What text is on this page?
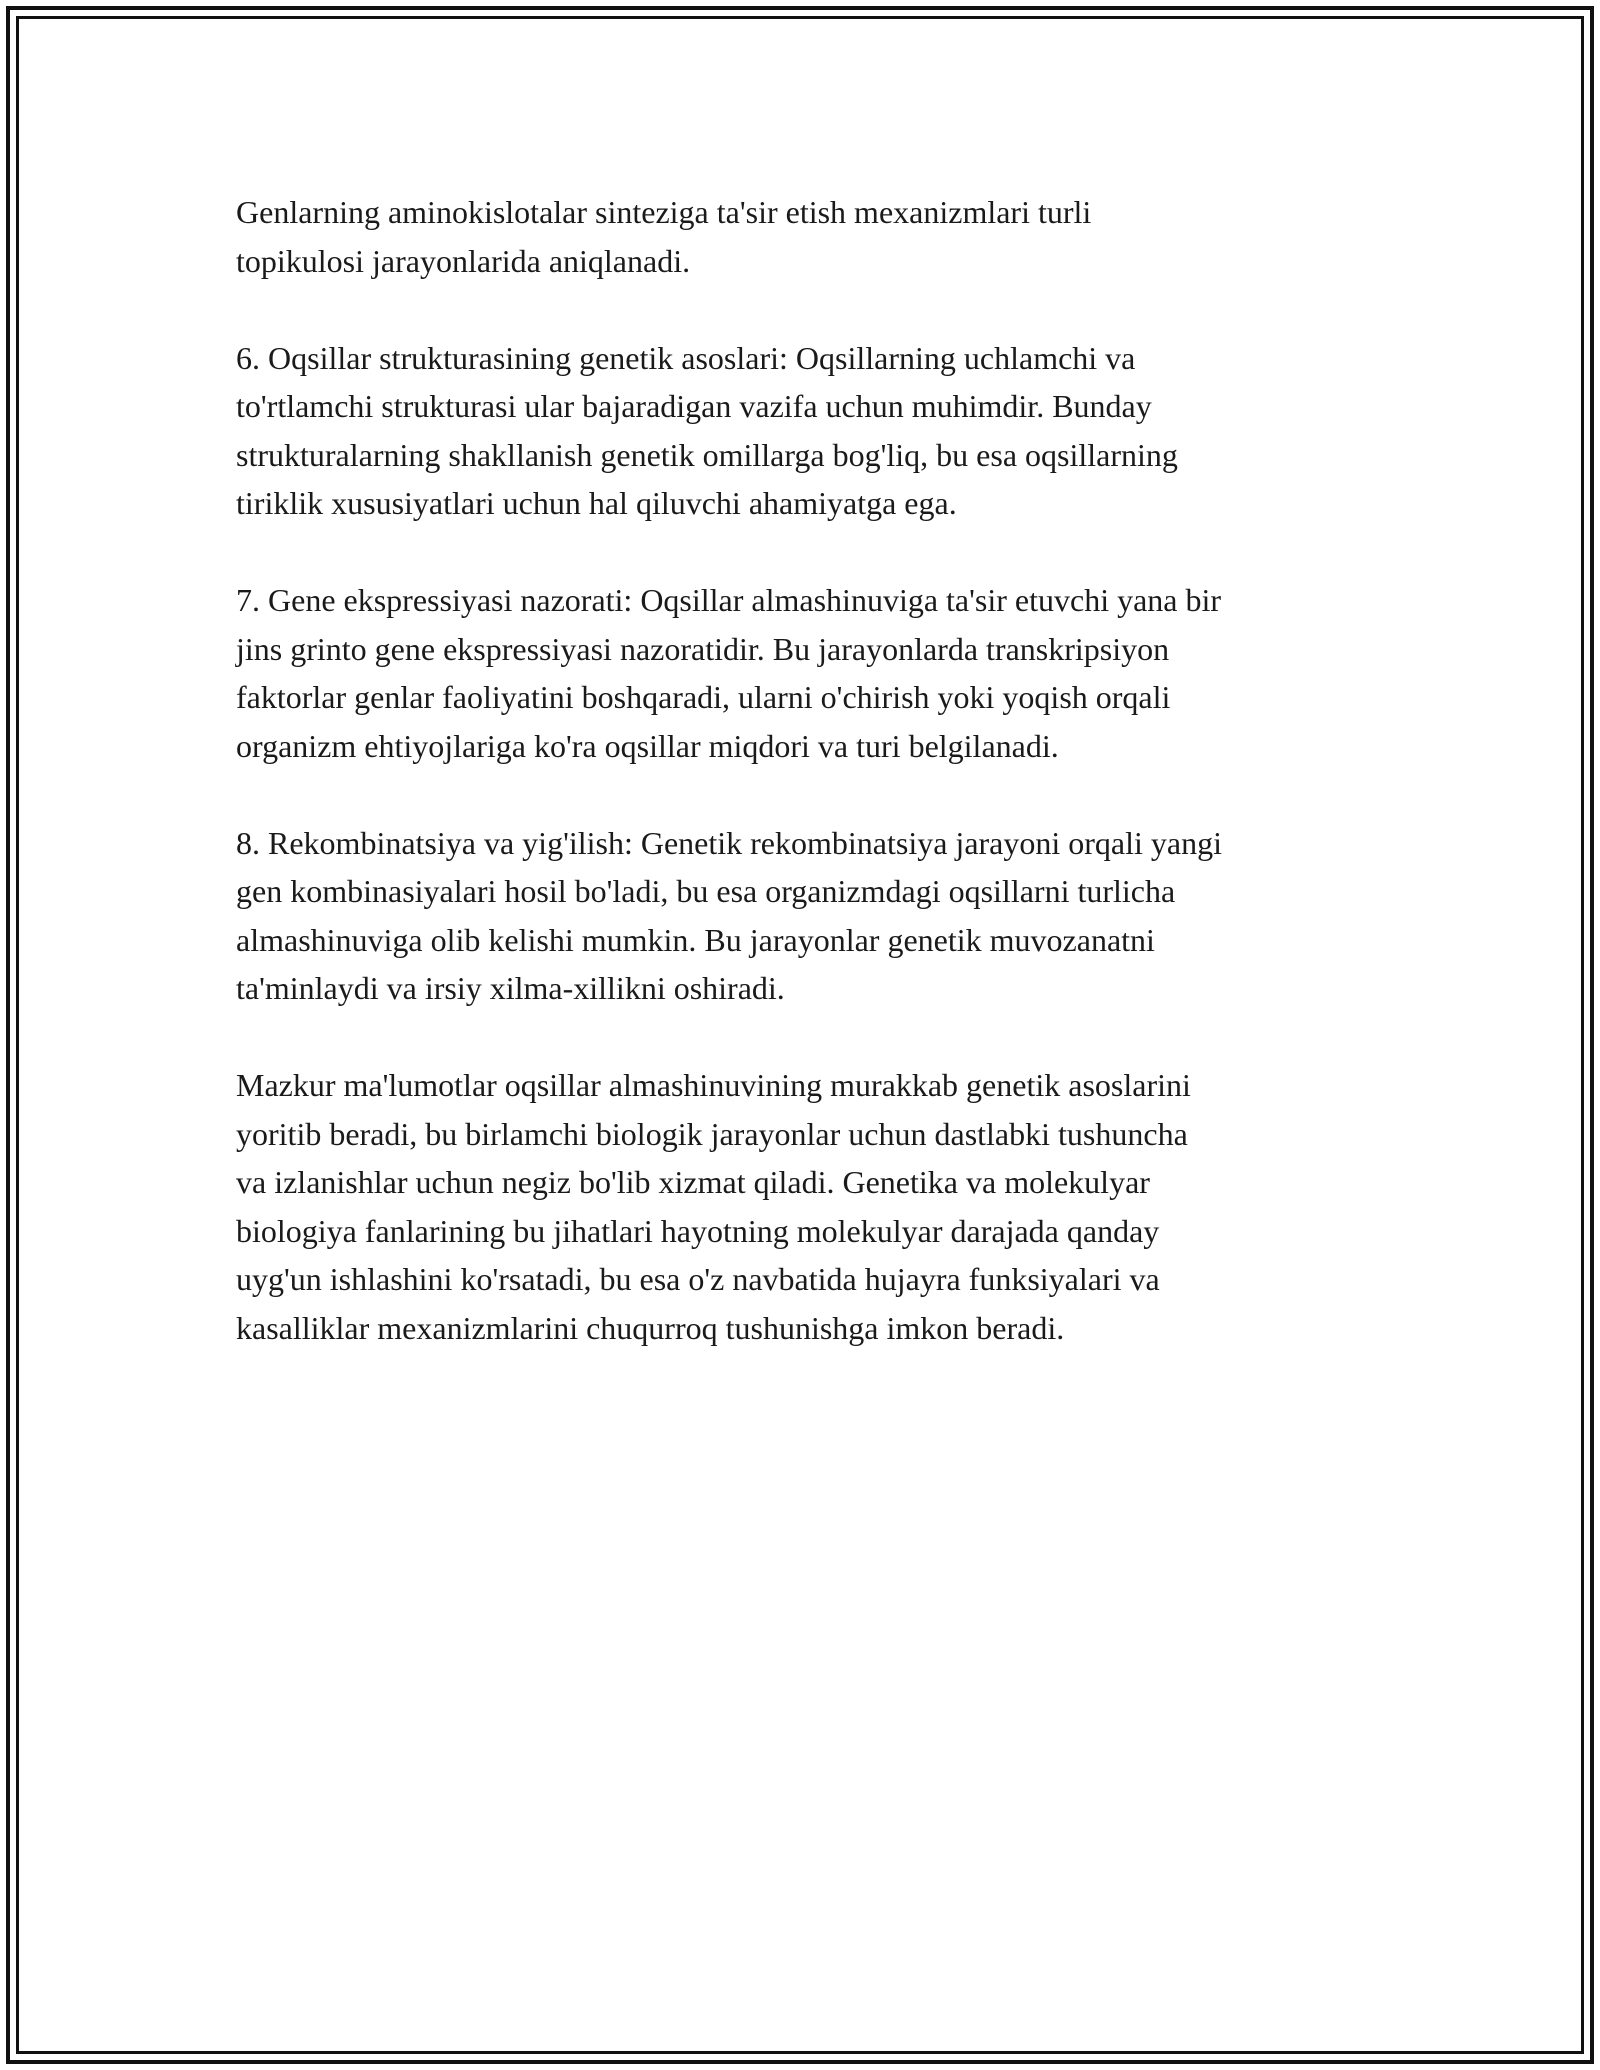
Genlarning aminokislotalar sinteziga ta'sir etish mexanizmlari turli
topikulosi jarayonlarida aniqlanadi.

6. Oqsillar strukturasining genetik asoslari: Oqsillarning uchlamchi va
to'rtlamchi strukturasi ular bajaradigan vazifa uchun muhimdir. Bunday
strukturalarning shakllanish genetik omillarga bog'liq, bu esa oqsillarning
tiriklik xususiyatlari uchun hal qiluvchi ahamiyatga ega.

7. Gene ekspressiyasi nazorati: Oqsillar almashinuviga ta'sir etuvchi yana bir
jins grinto gene ekspressiyasi nazoratidir. Bu jarayonlarda transkripsiyon
faktorlar genlar faoliyatini boshqaradi, ularni o'chirish yoki yoqish orqali
organizm ehtiyojlariga ko'ra oqsillar miqdori va turi belgilanadi.

8. Rekombinatsiya va yig'ilish: Genetik rekombinatsiya jarayoni orqali yangi
gen kombinasiyalari hosil bo'ladi, bu esa organizmdagi oqsillarni turlicha
almashinuviga olib kelishi mumkin. Bu jarayonlar genetik muvozanatni
ta'minlaydi va irsiy xilma-xillikni oshiradi.

Mazkur ma'lumotlar oqsillar almashinuvining murakkab genetik asoslarini
yoritib beradi, bu birlamchi biologik jarayonlar uchun dastlabki tushuncha
va izlanishlar uchun negiz bo'lib xizmat qiladi. Genetika va molekulyar
biologiya fanlarining bu jihatlari hayotning molekulyar darajada qanday
uyg'un ishlashini ko'rsatadi, bu esa o'z navbatida hujayra funksiyalari va
kasalliklar mexanizmlarini chuqurroq tushunishga imkon beradi.
